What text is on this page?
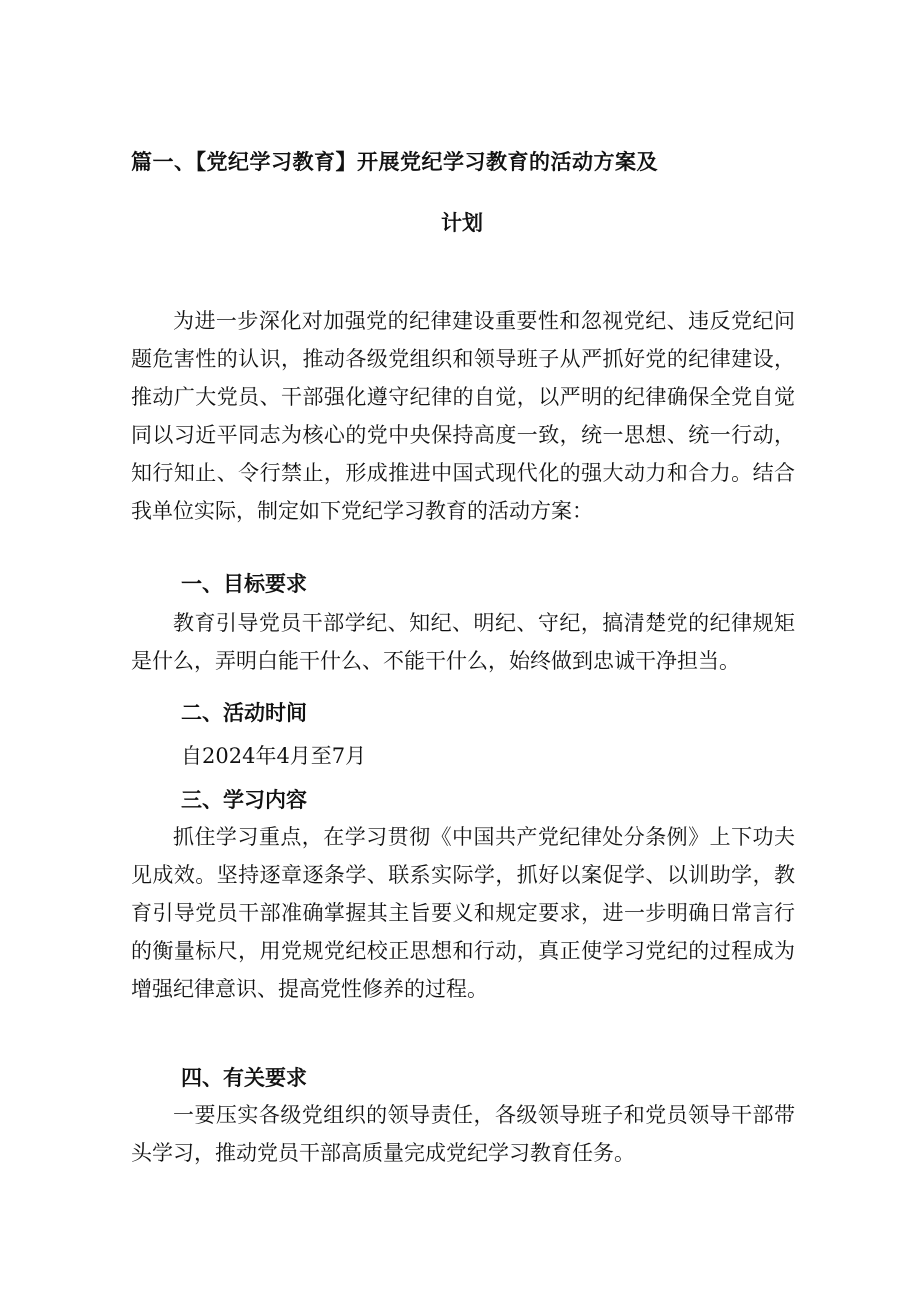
篇一、【党纪学习教育】开展党纪学习教育的活动方案及
计划

为进一步深化对加强党的纪律建设重要性和忽视党纪、违反党纪问题危害性的认识，推动各级党组织和领导班子从严抓好党的纪律建设，推动广大党员、干部强化遵守纪律的自觉，以严明的纪律确保全党自觉同以习近平同志为核心的党中央保持高度一致，统一思想、统一行动，知行知止、令行禁止，形成推进中国式现代化的强大动力和合力。结合我单位实际，制定如下党纪学习教育的活动方案：

一、目标要求

教育引导党员干部学纪、知纪、明纪、守纪，搞清楚党的纪律规矩是什么，弄明白能干什么、不能干什么，始终做到忠诚干净担当。

二、活动时间
自2024年4月至7月
三、学习内容

抓住学习重点，在学习贯彻《中国共产党纪律处分条例》上下功夫见成效。坚持逐章逐条学、联系实际学，抓好以案促学、以训助学，教育引导党员干部准确掌握其主旨要义和规定要求，进一步明确日常言行的衡量标尺，用党规党纪校正思想和行动，真正使学习党纪的过程成为增强纪律意识、提高党性修养的过程。

四、有关要求

一要压实各级党组织的领导责任，各级领导班子和党员领导干部带头学习，推动党员干部高质量完成党纪学习教育任务。
